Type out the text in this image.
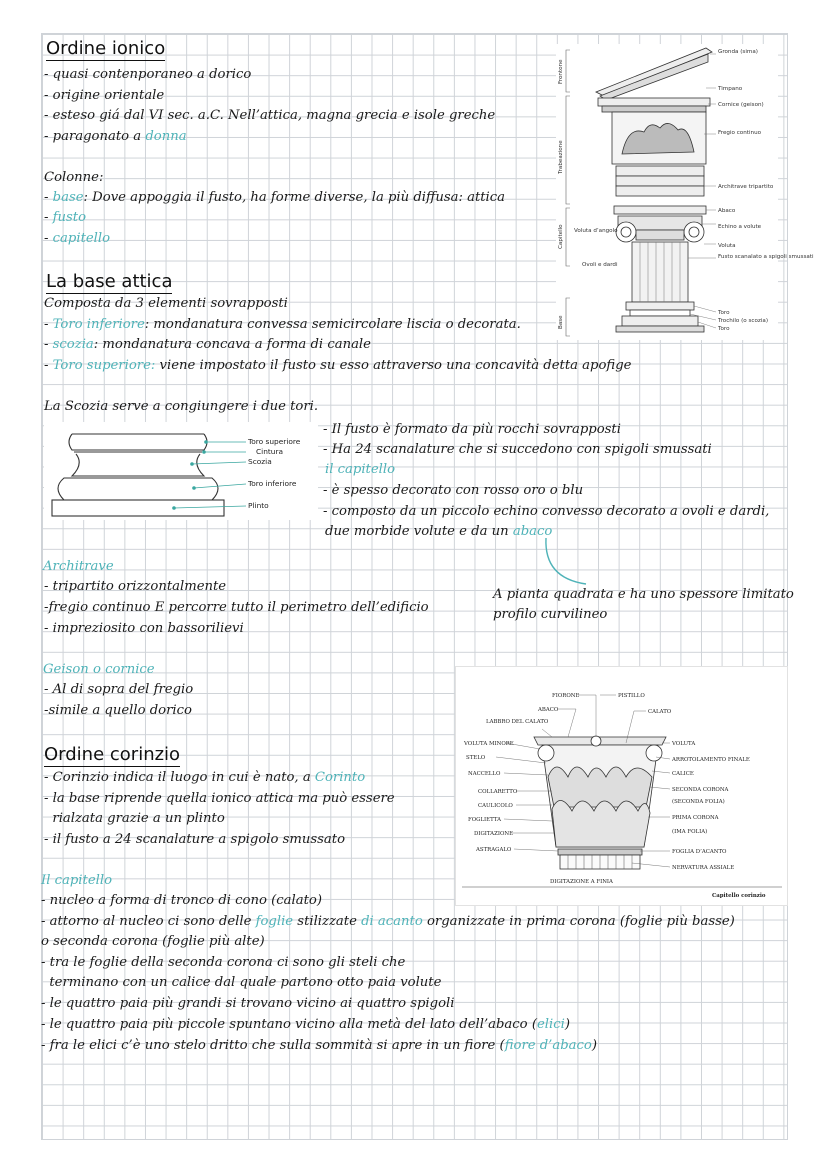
Ordine ionico
- quasi contenporaneo a dorico
- origine orientale
- esteso giá dal VI sec. a.C. Nell’attica, magna grecia e isole greche
- paragonato a donna
Colonne:
- base: Dove appoggia il fusto, ha forme diverse, la più diffusa: attica
- fusto
- capitello
Frontone
Trabeazione
Capitello
Base
Gronda (sima)
Timpano
Cornice (geison)
Fregio continuo
Architrave tripartito
Abaco
Echino a volute
Voluta
Fusto scanalato a spigoli smussati
Toro
Trochilo (o scozia)
Toro
Voluta d’angolo
Ovoli e dardi
La base attica
Composta da 3 elementi sovrapposti
- Toro inferiore: mondanatura convessa semicircolare liscia o decorata.
- scozia: mondanatura concava a forma di canale
- Toro superiore: viene impostato il fusto su esso attraverso una concavità detta apofige
La Scozia serve a congiungere i due tori.
Toro superiore
Cintura
Scozia
Toro inferiore
Plinto
- Il fusto è formato da più rocchi sovrapposti
- Ha 24 scanalature che si succedono con spigoli smussati
il capitello
- è spesso decorato con rosso oro o blu
- composto da un piccolo echino convesso decorato a ovoli e dardi,
due morbide volute e da un abaco
A pianta quadrata e ha uno spessore limitato
profilo curvilineo
Architrave
- tripartito orizzontalmente
-fregio continuo E percorre tutto il perimetro dell’edificio
- impreziosito con bassorilievi
Geison o cornice
- Al di sopra del fregio
-simile a quello dorico
FIORONE	PISTILLO
ABACO	CALATO
LABBRO DEL CALATO
VOLUTA MINORE
STELO
NACCELLO
COLLARETTO
CAULICOLO
FOGLIETTA
DIGITAZIONE
ASTRAGALO
VOLUTA
ARROTOLAMENTO FINALE
CALICE
SECONDA CORONA
(SECONDA FOLIA)
PRIMA CORONA
(IMA FOLIA)
FOGLIA D’ACANTO
NERVATURA ASSIALE
DIGITAZIONE A FINIA
Capitello corinzio
Ordine corinzio
- Corinzio indica il luogo in cui è nato, a Corinto
- la base riprende quella ionico attica ma può essere
rialzata grazie a un plinto
- il fusto a 24 scanalature a spigolo smussato
Il capitello
- nucleo a forma di tronco di cono (calato)
- attorno al nucleo ci sono delle foglie stilizzate di acanto organizzate in prima corona (foglie più basse)
o seconda corona (foglie più alte)
- tra le foglie della seconda corona ci sono gli steli che
terminano con un calice dal quale partono otto paia volute
- le quattro paia più grandi si trovano vicino ai quattro spigoli
- le quattro paia più piccole spuntano vicino alla metà del lato dell’abaco (elici)
- fra le elici c’è uno stelo dritto che sulla sommità si apre in un fiore (fiore d’abaco)
